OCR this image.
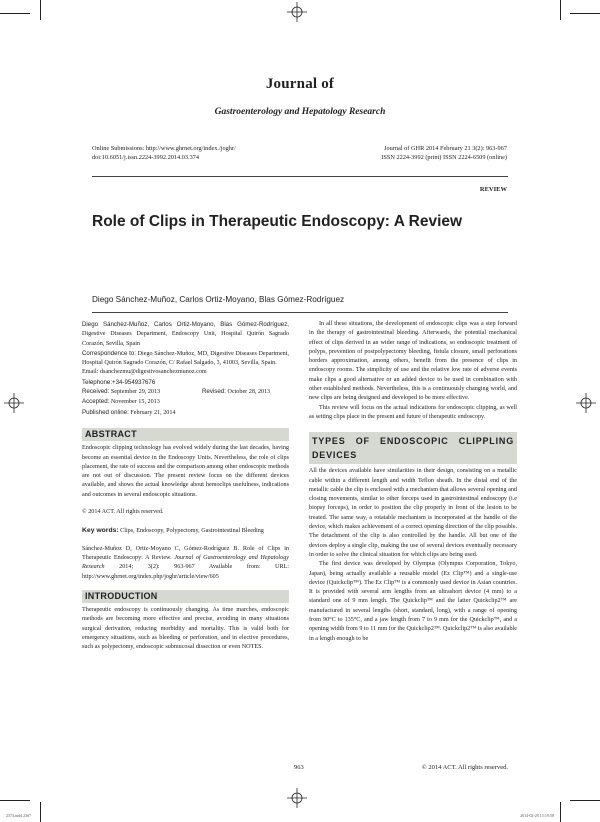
Journal of
Gastroenterology and Hepatology Research
Online Submissions: http://www.ghrnet.org/index./joghr/
doi:10.6051/j.issn.2224-3992.2014.03.374
Journal of GHR 2014 February 21 3(2): 963-967
ISSN 2224-3992 (print) ISSN 2224-6509 (online)
REVIEW
Role of Clips in Therapeutic Endoscopy: A Review
Diego Sánchez-Muñoz, Carlos Ortiz-Moyano, Blas Gómez-Rodríguez

Diego Sánchez-Muñoz, Carlos Ortiz-Moyano, Blas Gómez-Rodríguez, Digestive Diseases Department, Endoscopy Unit, Hospital Quirón Sagrado Corazón, Sevilla, Spain

Correspondence to: Diego Sánchez-Muñoz, MD, Digestive Diseases Department, Hospital Quirón Sagrado Corazón, C/ Rafael Salgado, 3, 41003, Sevilla, Spain.

Email: dsanchezmu@digestivosanchezmunoz.com

Telephone:+34-954937676

Received: September 29, 2013	Revised: October 28, 2013

Accepted: November 15, 2013

Published online: February 21, 2014

ABSTRACT

Endoscopic clipping technology has evolved widely during the last decades, having become an essential device in the Endoscopy Units. Nevertheless, the role of clips placement, the rate of success and the comparison among other endoscopic methods are not out of discussion. The present review focus on the different devices available, and shows the actual knowledge about hemoclips usefulness, indications and outcomes in several endoscopic situations.

© 2014 ACT. All rights reserved.

Key words: Clips, Endoscopy, Polypectomy, Gastrointestinal Bleeding

Sánchez-Muñoz D, Ortiz-Moyano C, Gómez-Rodríguez B. Role of Clips in Therapeutic Endoscopy: A Review. Journal of Gastroenterology and Hepatology Research 2014; 3(2): 963-967 Available from: URL: http://www.ghrnet.org/index.php/joghr/article/view/605

INTRODUCTION

Therapeutic endoscopy is continuously changing. As time marches, endoscopic methods are becoming more effective and precise, avoiding in many situations surgical derivation, reducing morbidity and mortality. This is valid both for emergency situations, such as bleeding or perforation, and in elective procedures, such as polypectomy, endoscopic submucosal dissection or even NOTES.

In all these situations, the development of endoscopic clips was a step forward in the therapy of gastrointestinal bleeding. Afterwards, the potential mechanical effect of clips derived in an wider range of indications, so endoscopic treatment of polyps, prevention of postpolypectomy bleeding, fistula closure, small perforations borders approximation, among others, benefit from the presence of clips in endoscopy rooms. The simplicity of use and the relative low rate of adverse events make clips a good alternative or an added device to be used in combination with other established methods. Nevertheless, this is a continuously changing world, and new clips are being designed and developed to be more effective.

This review will focus on the actual indications for endoscopic clipping, as well as setting clips place in the present and future of therapeutic endoscopy.

TYPES OF ENDOSCOPIC CLIPPLING DEVICES

All the devices available have similarities in their design, consisting on a metallic cable within a different length and width Teflon sheath. In the distal end of the metallic cable the clip is enclosed with a mechanism that allows several opening and closing movements, similar to other forceps used in gastrointestinal endoscopy (i.e biopsy forceps), in order to position the clip properly in front of the lesion to be treated. The same way, a rotatable mechanism is incorporated at the handle of the device, which makes achievement of a correct opening direction of the clip possible. The detachment of the clip is also controlled by the handle. All but one of the devices deploy a single clip, making the use of several devices eventually necessary in order to solve the clinical situation for which clips are being used.

The first device was developed by Olympus (Olympus Corporation, Tokyo, Japan), being actually available a reusable model (Ez Clip™) and a single-use device (Quickclip™). The Ez Clip™ is a commonly used device in Asian countries. It is provided with several arm lengths from an ultrashort device (4 mm) to a standard one of 9 mm length. The Quickclip™ and the latter Quickclip2™ are manufactured in several lengths (short, standard, long), with a range of opening from 90°C to 135°C, and a jaw length from 7 to 9 mm for the Quickclip™, and a opening width from 9 to 11 mm for the Quickclip2™. Quickclip2™ is also available in a length enough to be

963	© 2014 ACT. All rights reserved.
2374.indd 2367	2014-02-20 15:19:58
